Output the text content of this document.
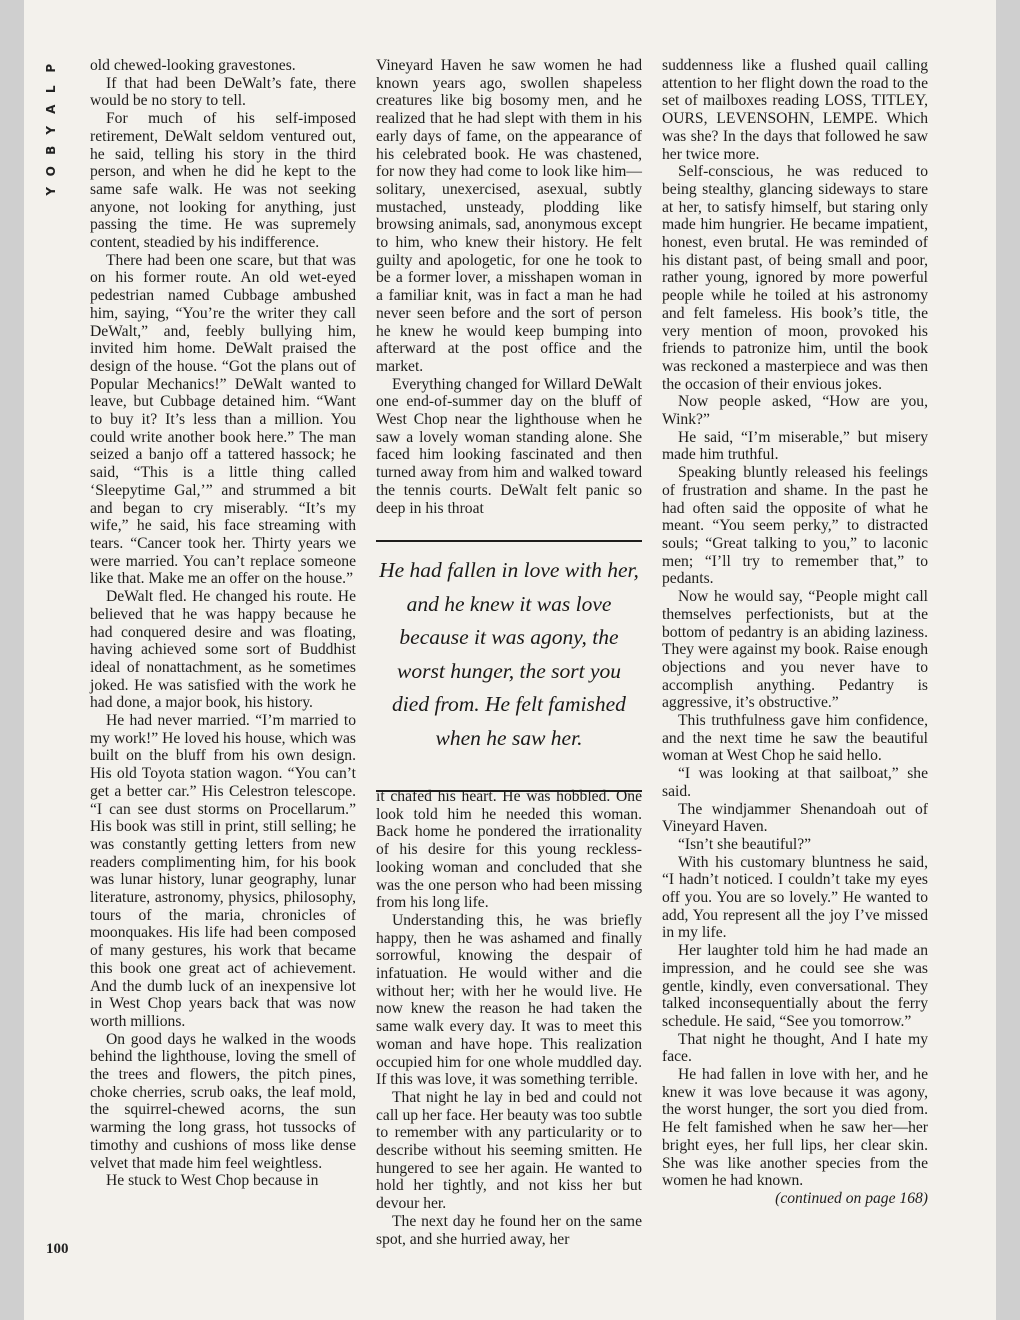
P
L
A
Y
B
O
Y

old chewed-looking gravestones.

If that had been DeWalt’s fate, there would be no story to tell.

For much of his self-imposed retirement, DeWalt seldom ventured out, he said, telling his story in the third person, and when he did he kept to the same safe walk. He was not seeking anyone, not looking for anything, just passing the time. He was supremely content, steadied by his indifference.

There had been one scare, but that was on his former route. An old wet-eyed pedestrian named Cubbage ambushed him, saying, “You’re the writer they call DeWalt,” and, feebly bullying him, invited him home. DeWalt praised the design of the house. “Got the plans out of Popular Mechanics!” DeWalt wanted to leave, but Cubbage detained him. “Want to buy it? It’s less than a million. You could write another book here.” The man seized a banjo off a tattered hassock; he said, “This is a little thing called ‘Sleepytime Gal,’” and strummed a bit and began to cry miserably. “It’s my wife,” he said, his face streaming with tears. “Cancer took her. Thirty years we were married. You can’t replace someone like that. Make me an offer on the house.”

DeWalt fled. He changed his route. He believed that he was happy because he had conquered desire and was floating, having achieved some sort of Buddhist ideal of nonattachment, as he sometimes joked. He was satisfied with the work he had done, a major book, his history.

He had never married. “I’m married to my work!” He loved his house, which was built on the bluff from his own design. His old Toyota station wagon. “You can’t get a better car.” His Celestron telescope. “I can see dust storms on Procellarum.” His book was still in print, still selling; he was constantly getting letters from new readers complimenting him, for his book was lunar history, lunar geography, lunar literature, astronomy, physics, philosophy, tours of the maria, chronicles of moonquakes. His life had been composed of many gestures, his work that became this book one great act of achievement. And the dumb luck of an inexpensive lot in West Chop years back that was now worth millions.

On good days he walked in the woods behind the lighthouse, loving the smell of the trees and flowers, the pitch pines, choke cherries, scrub oaks, the leaf mold, the squirrel-chewed acorns, the sun warming the long grass, hot tussocks of timothy and cushions of moss like dense velvet that made him feel weightless.

He stuck to West Chop because in

Vineyard Haven he saw women he had known years ago, swollen shapeless creatures like big bosomy men, and he realized that he had slept with them in his early days of fame, on the appearance of his celebrated book. He was chastened, for now they had come to look like him—solitary, unexercised, asexual, subtly mustached, unsteady, plodding like browsing animals, sad, anonymous except to him, who knew their history. He felt guilty and apologetic, for one he took to be a former lover, a misshapen woman in a familiar knit, was in fact a man he had never seen before and the sort of person he knew he would keep bumping into afterward at the post office and the market.

Everything changed for Willard DeWalt one end-of-summer day on the bluff of West Chop near the lighthouse when he saw a lovely woman standing alone. She faced him looking fascinated and then turned away from him and walked toward the tennis courts. DeWalt felt panic so deep in his throat

He had fallen in love with her, and he knew it was love because it was agony, the worst hunger, the sort you died from. He felt famished when he saw her.

it chafed his heart. He was hobbled. One look told him he needed this woman. Back home he pondered the irrationality of his desire for this young reckless-looking woman and concluded that she was the one person who had been missing from his long life.

Understanding this, he was briefly happy, then he was ashamed and finally sorrowful, knowing the despair of infatuation. He would wither and die without her; with her he would live. He now knew the reason he had taken the same walk every day. It was to meet this woman and have hope. This realization occupied him for one whole muddled day. If this was love, it was something terrible.

That night he lay in bed and could not call up her face. Her beauty was too subtle to remember with any particularity or to describe without his seeming smitten. He hungered to see her again. He wanted to hold her tightly, and not kiss her but devour her.

The next day he found her on the same spot, and she hurried away, her

suddenness like a flushed quail calling attention to her flight down the road to the set of mailboxes reading LOSS, TITLEY, OURS, LEVENSOHN, LEMPE. Which was she? In the days that followed he saw her twice more.

Self-conscious, he was reduced to being stealthy, glancing sideways to stare at her, to satisfy himself, but staring only made him hungrier. He became impatient, honest, even brutal. He was reminded of his distant past, of being small and poor, rather young, ignored by more powerful people while he toiled at his astronomy and felt fameless. His book’s title, the very mention of moon, provoked his friends to patronize him, until the book was reckoned a masterpiece and was then the occasion of their envious jokes.

Now people asked, “How are you, Wink?”

He said, “I’m miserable,” but misery made him truthful.

Speaking bluntly released his feelings of frustration and shame. In the past he had often said the opposite of what he meant. “You seem perky,” to distracted souls; “Great talking to you,” to laconic men; “I’ll try to remember that,” to pedants.

Now he would say, “People might call themselves perfectionists, but at the bottom of pedantry is an abiding laziness. They were against my book. Raise enough objections and you never have to accomplish anything. Pedantry is aggressive, it’s obstructive.”

This truthfulness gave him confidence, and the next time he saw the beautiful woman at West Chop he said hello.

“I was looking at that sailboat,” she said.

The windjammer Shenandoah out of Vineyard Haven.

“Isn’t she beautiful?”

With his customary bluntness he said, “I hadn’t noticed. I couldn’t take my eyes off you. You are so lovely.” He wanted to add, You represent all the joy I’ve missed in my life.

Her laughter told him he had made an impression, and he could see she was gentle, kindly, even conversational. They talked inconsequentially about the ferry schedule. He said, “See you tomorrow.”

That night he thought, And I hate my face.

He had fallen in love with her, and he knew it was love because it was agony, the worst hunger, the sort you died from. He felt famished when he saw her—her bright eyes, her full lips, her clear skin. She was like another species from the women he had known.

(continued on page 168)

100
